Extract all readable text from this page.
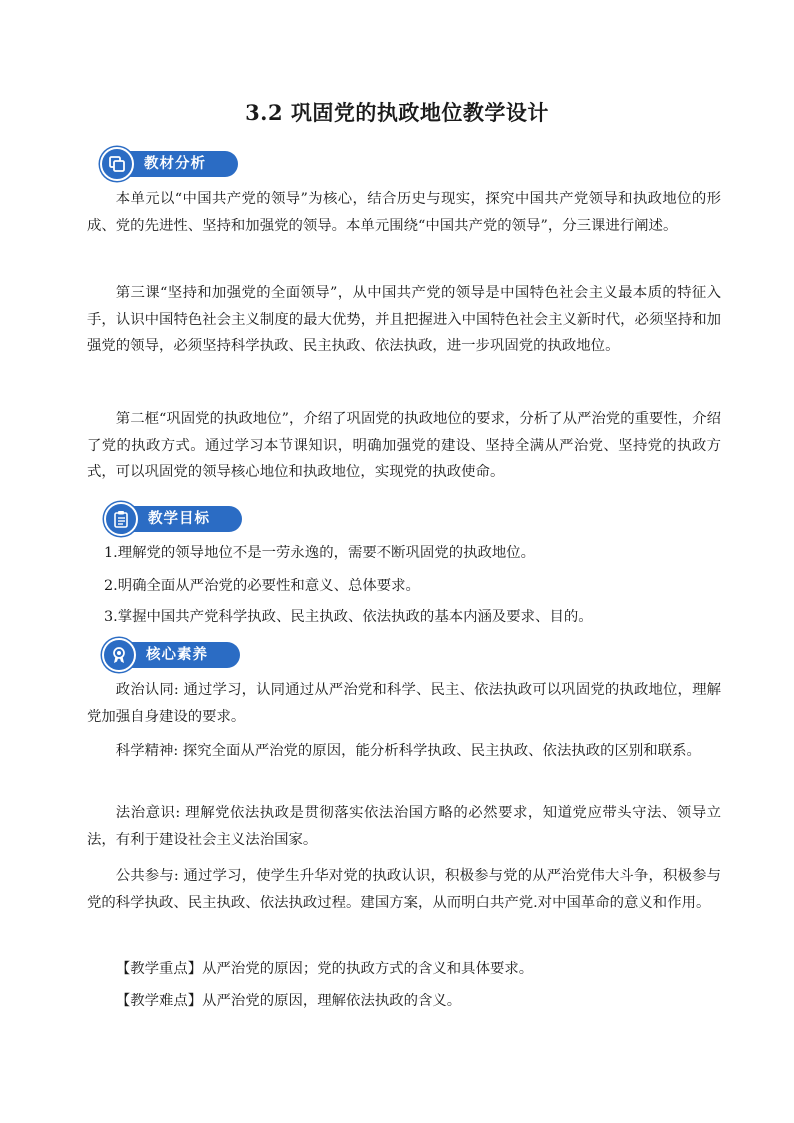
3.2 巩固党的执政地位教学设计
教材分析

本单元以“中国共产党的领导”为核心，结合历史与现实，探究中国共产党领导和执政地位的形成、党的先进性、坚持和加强党的领导。本单元围绕“中国共产党的领导”，分三课进行阐述。

第三课“坚持和加强党的全面领导”，从中国共产党的领导是中国特色社会主义最本质的特征入手，认识中国特色社会主义制度的最大优势，并且把握进入中国特色社会主义新时代，必须坚持和加强党的领导，必须坚持科学执政、民主执政、依法执政，进一步巩固党的执政地位。

第二框“巩固党的执政地位”，介绍了巩固党的执政地位的要求，分析了从严治党的重要性，介绍了党的执政方式。通过学习本节课知识，明确加强党的建设、坚持全满从严治党、坚持党的执政方式，可以巩固党的领导核心地位和执政地位，实现党的执政使命。

教学目标

1.理解党的领导地位不是一劳永逸的，需要不断巩固党的执政地位。

2.明确全面从严治党的必要性和意义、总体要求。

3.掌握中国共产党科学执政、民主执政、依法执政的基本内涵及要求、目的。

核心素养

政治认同: 通过学习，认同通过从严治党和科学、民主、依法执政可以巩固党的执政地位，理解党加强自身建设的要求。

科学精神: 探究全面从严治党的原因，能分析科学执政、民主执政、依法执政的区别和联系。

法治意识: 理解党依法执政是贯彻落实依法治国方略的必然要求，知道党应带头守法、领导立法，有利于建设社会主义法治国家。

公共参与: 通过学习，使学生升华对党的执政认识，积极参与党的从严治党伟大斗争，积极参与党的科学执政、民主执政、依法执政过程。建国方案，从而明白共产党.对中国革命的意义和作用。

【教学重点】从严治党的原因；党的执政方式的含义和具体要求。

【教学难点】从严治党的原因，理解依法执政的含义。
